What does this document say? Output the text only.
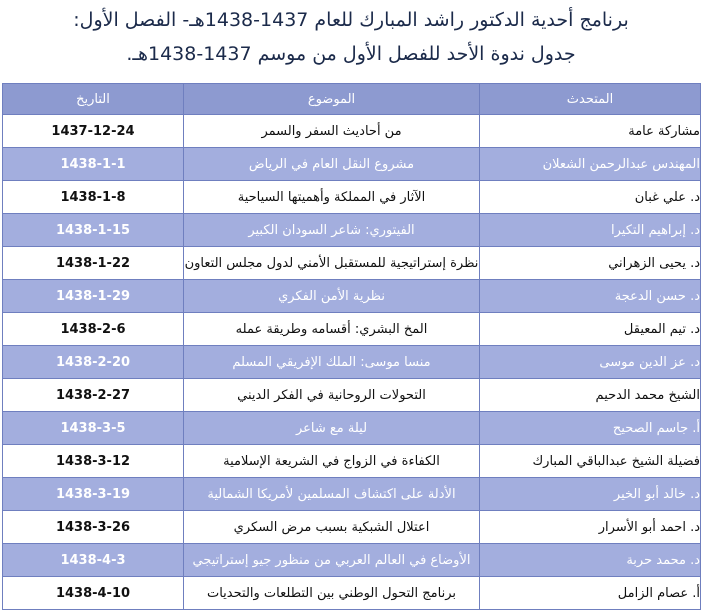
برنامج أحدية الدكتور راشد المبارك للعام 1437-1438هـ- الفصل الأول:
جدول ندوة الأحد للفصل الأول من موسم 1437-1438هـ.
المتحدث	الموضوع	التاريخ
مشاركة عامة	من أحاديث السفر والسمر	1437-12-24
المهندس عبدالرحمن الشعلان	مشروع النقل العام في الرياض	1438-1-1
د. علي غبان	الآثار في المملكة وأهميتها السياحية	1438-1-8
د. إبراهيم التكيرا	الفيتوري: شاعر السودان الكبير	1438-1-15
د. يحيى الزهراني	نظرة إستراتيجية للمستقبل الأمني لدول مجلس التعاون	1438-1-22
د. حسن الدعجة	نظرية الأمن الفكري	1438-1-29
د. تيم المعيقل	المخ البشري: أقسامه وطريقة عمله	1438-2-6
د. عز الدين موسى	منسا موسى: الملك الإفريقي المسلم	1438-2-20
الشيخ محمد الدحيم	التحولات الروحانية في الفكر الديني	1438-2-27
أ. جاسم الصحيح	ليلة مع شاعر	1438-3-5
فضيلة الشيخ عبدالباقي المبارك	الكفاءة في الزواج في الشريعة الإسلامية	1438-3-12
د. خالد أبو الخير	الأدلة على اكتشاف المسلمين لأمريكا الشمالية	1438-3-19
د. احمد أبو الأسرار	اعتلال الشبكية بسبب مرض السكري	1438-3-26
د. محمد حربة	الأوضاع في العالم العربي من منظور جيو إستراتيجي	1438-4-3
أ. عصام الزامل	برنامج التحول الوطني بين التطلعات والتحديات	1438-4-10
